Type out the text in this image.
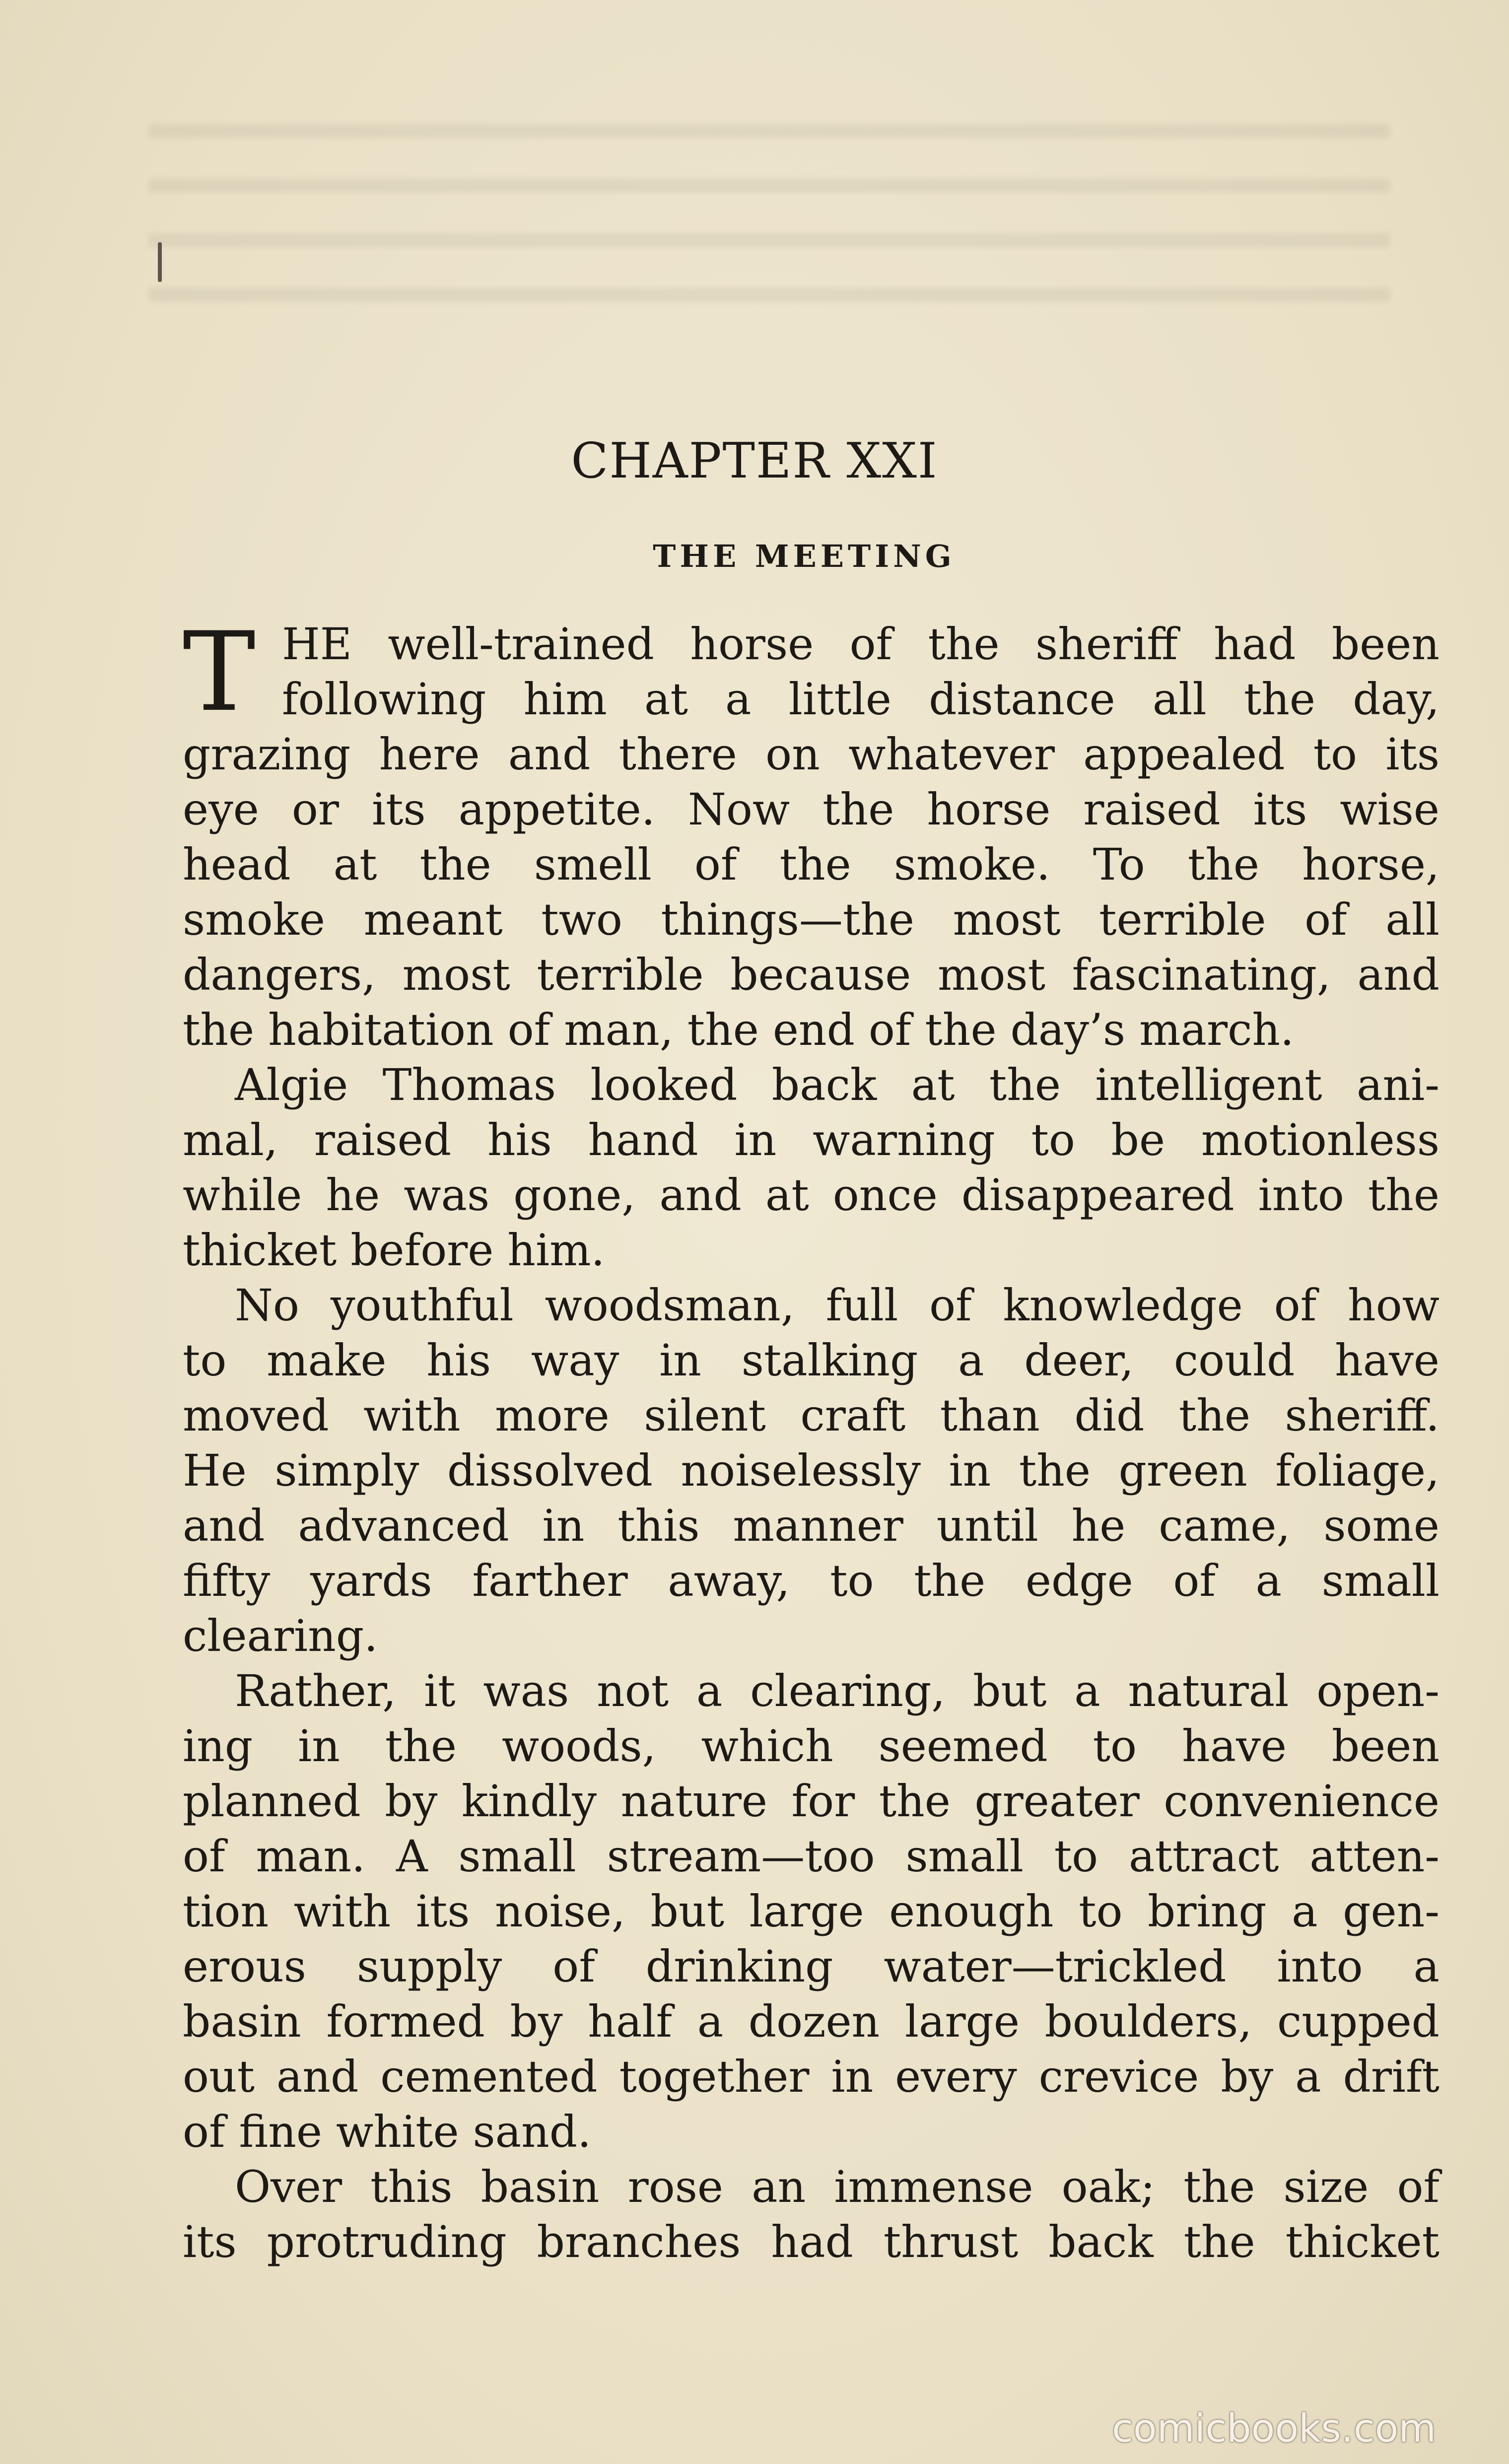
CHAPTER XXI
THE MEETING
T HE well-trained horse of the sheriff had been
following him at a little distance all the day,
grazing here and there on whatever appealed to its
eye or its appetite. Now the horse raised its wise
head at the smell of the smoke. To the horse,
smoke meant two things—the most terrible of all
dangers, most terrible because most fascinating, and
the habitation of man, the end of the day’s march.
Algie Thomas looked back at the intelligent ani-
mal, raised his hand in warning to be motionless
while he was gone, and at once disappeared into the
thicket before him.
No youthful woodsman, full of knowledge of how
to make his way in stalking a deer, could have
moved with more silent craft than did the sheriff.
He simply dissolved noiselessly in the green foliage,
and advanced in this manner until he came, some
fifty yards farther away, to the edge of a small
clearing.
Rather, it was not a clearing, but a natural open-
ing in the woods, which seemed to have been
planned by kindly nature for the greater convenience
of man. A small stream—too small to attract atten-
tion with its noise, but large enough to bring a gen-
erous supply of drinking water—trickled into a
basin formed by half a dozen large boulders, cupped
out and cemented together in every crevice by a drift
of fine white sand.
Over this basin rose an immense oak; the size of
its protruding branches had thrust back the thicket
comicbooks.com
